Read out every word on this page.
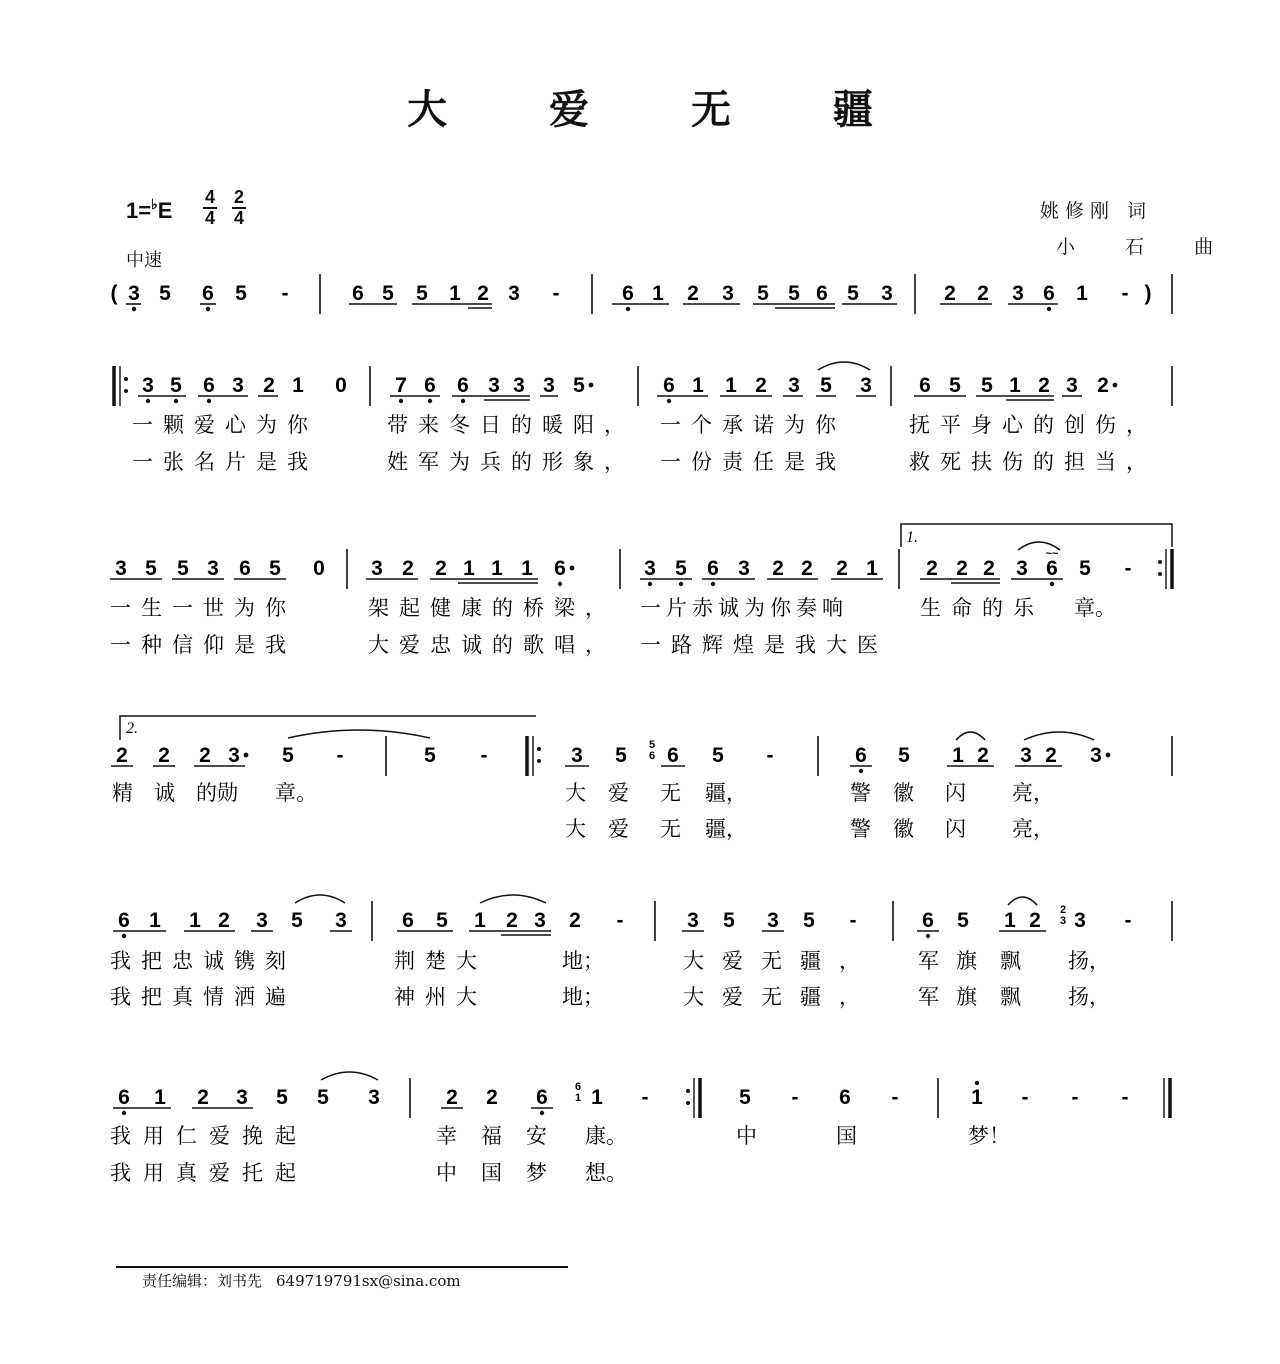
大 爱 无 疆
1=♭E
4
4
2
4
中速
姚修刚 词
小 石 曲
( 3 5 6 5 -	6 5 5 1 2 3 -	6 1 2 3 5 5 6 5 3 2 2 3 6 1 - )
3 5 6 3 2 1 0 7 6 6 3 3 3 5	6 1 1 2 3 5 3 6 5 5 1 2 3 2
3 5 5 3 6 5 0 3 2 2 1 1 1 6	3 5 6 3 2 2 2 1 2 2 2 3 6 5 -
~~
1.
2 2 2 3 5 -	5 -	3 5 6 5 -	6 5 1 2 3 2 3
5
6
2.
6 1 1 2 3 5 3	6 5 1 2 3 2 -	3 5 3 5 -	6 5 1 2 3 -
2
3
6 1 2 3 5 5 3	2 2 6 1 -	5 - 6 -	1 - - -
6
1
一颗爱心为你	带来冬日的暖阳， 一个承诺为你	抚平身心的创伤，
一张名片是我	姓军为兵的形象， 一份责任是我	救死扶伤的担当，
一生一世为你	架起健康的桥梁， 一片赤诚为你奏响	生命的乐 章。
一种信仰是我	大爱忠诚的歌唱， 一路辉煌是我大医
精 诚 的勋 章。	大 爱 无 疆，	警 徽 闪 亮，
大 爱 无 疆，	警 徽 闪 亮，
我把忠诚镌刻	荆楚大	地；	大爱无疆， 军 旗 飘 扬，
我把真情洒遍	神州大	地；	大爱无疆， 军 旗 飘 扬，
我用仁爱挽起	幸福安 康。	中	国	梦！
我用真爱托起	中国梦 想。
责任编辑：刘书先 649719791sx@sina.com
